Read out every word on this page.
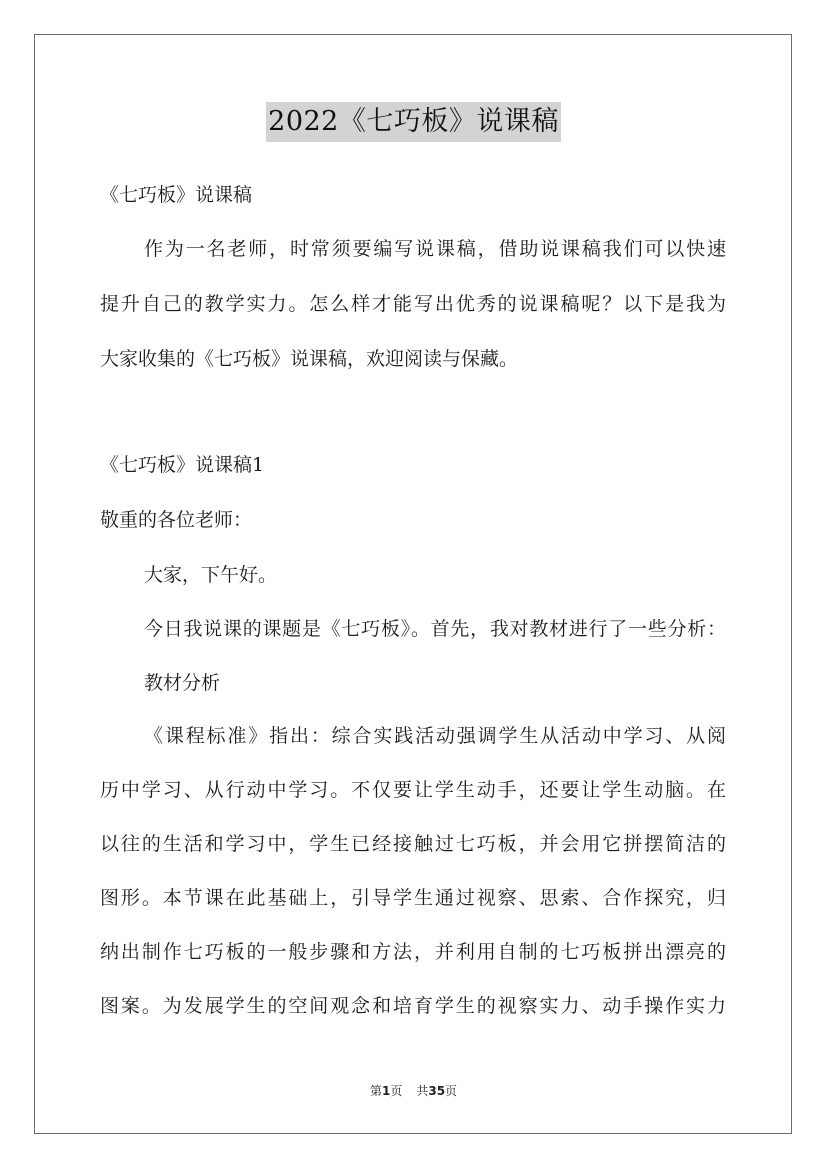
2022《七巧板》说课稿
《七巧板》说课稿
作为一名老师，时常须要编写说课稿，借助说课稿我们可以快速
提升自己的教学实力。怎么样才能写出优秀的说课稿呢？以下是我为
大家收集的《七巧板》说课稿，欢迎阅读与保藏。
《七巧板》说课稿1
敬重的各位老师：
大家，下午好。
今日我说课的课题是《七巧板》。首先，我对教材进行了一些分析：
教材分析
《课程标准》指出：综合实践活动强调学生从活动中学习、从阅
历中学习、从行动中学习。不仅要让学生动手，还要让学生动脑。在
以往的生活和学习中，学生已经接触过七巧板，并会用它拼摆简洁的
图形。本节课在此基础上，引导学生通过视察、思索、合作探究，归
纳出制作七巧板的一般步骤和方法，并利用自制的七巧板拼出漂亮的
图案。为发展学生的空间观念和培育学生的视察实力、动手操作实力
第1页 共35页
